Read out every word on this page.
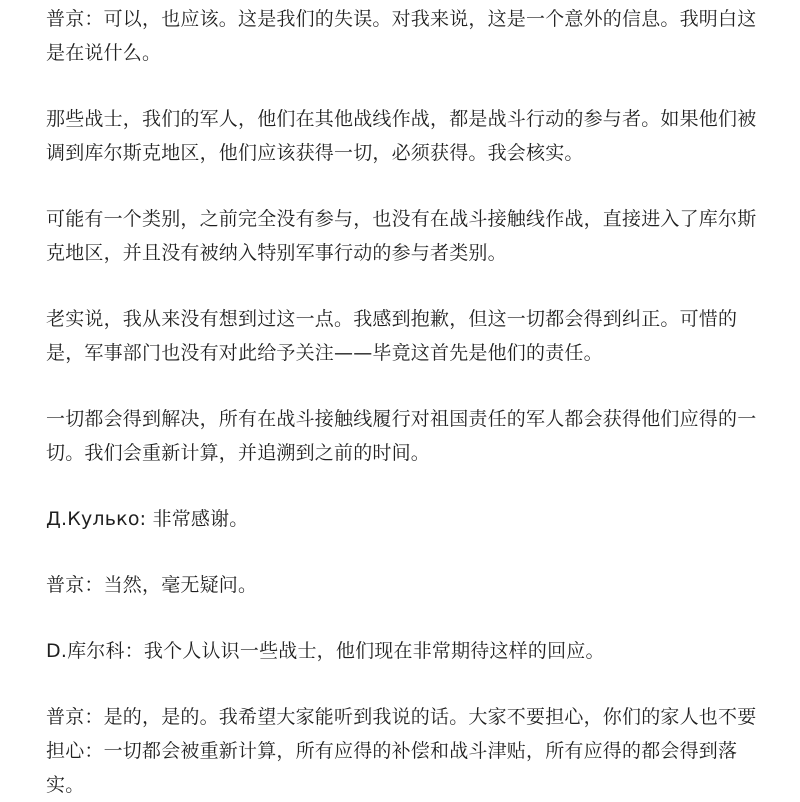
普京：可以，也应该。这是我们的失误。对我来说，这是一个意外的信息。我明白这是在说什么。

那些战士，我们的军人，他们在其他战线作战，都是战斗行动的参与者。如果他们被调到库尔斯克地区，他们应该获得一切，必须获得。我会核实。

可能有一个类别，之前完全没有参与，也没有在战斗接触线作战，直接进入了库尔斯克地区，并且没有被纳入特别军事行动的参与者类别。

老实说，我从来没有想到过这一点。我感到抱歉，但这一切都会得到纠正。可惜的是，军事部门也没有对此给予关注——毕竟这首先是他们的责任。

一切都会得到解决，所有在战斗接触线履行对祖国责任的军人都会获得他们应得的一切。我们会重新计算，并追溯到之前的时间。

Д.Кулько: 非常感谢。

普京：当然，毫无疑问。

D.库尔科：我个人认识一些战士，他们现在非常期待这样的回应。

普京：是的，是的。我希望大家能听到我说的话。大家不要担心，你们的家人也不要担心：一切都会被重新计算，所有应得的补偿和战斗津贴，所有应得的都会得到落实。
